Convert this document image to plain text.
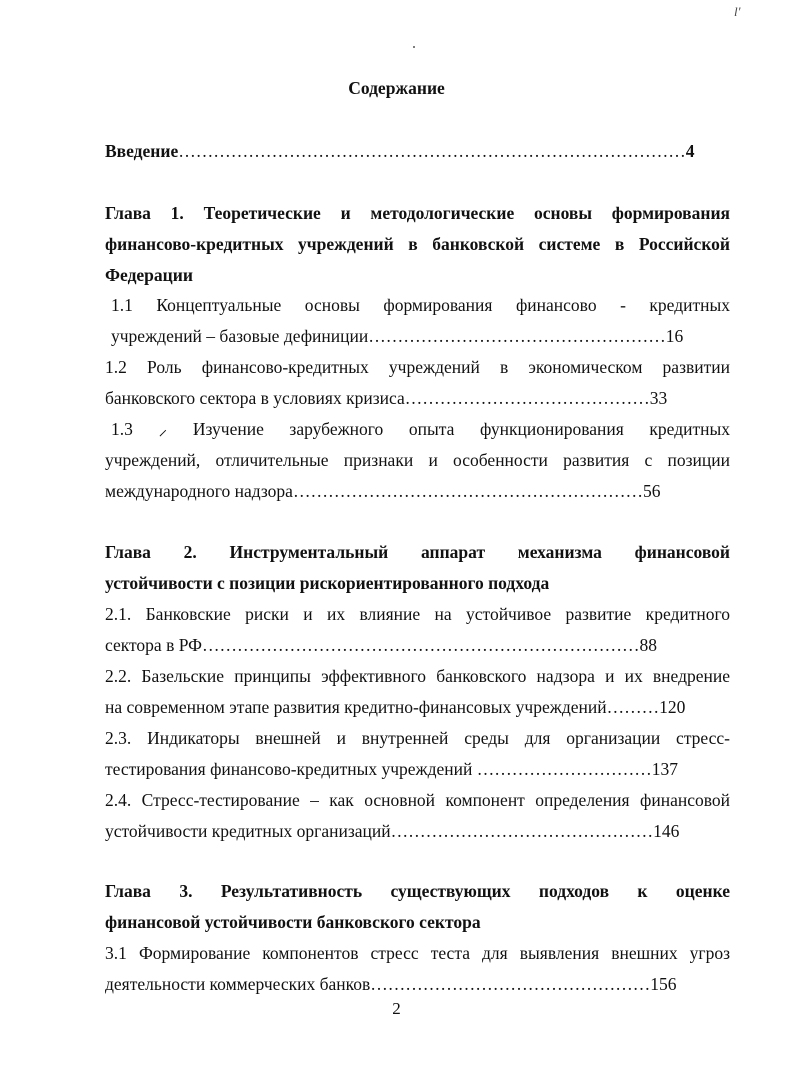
l'
Содержание
Введение……………………………………………………………………………4
Глава 1. Теоретические и методологические основы формирования
финансово-кредитных учреждений в банковской системе в Российской
Федерации
1.1 Концептуальные основы формирования финансово - кредитных
учреждений – базовые дефиниции……………………………………………16
1.2 Роль финансово-кредитных учреждений в экономическом развитии
банковского сектора в условиях кризиса……………………………………33
1.3 ⸝ Изучение зарубежного опыта функционирования кредитных
учреждений, отличительные признаки и особенности развития с позиции
международного надзора……………………………………………………56
Глава 2. Инструментальный аппарат механизма финансовой
устойчивости с позиции рискориентированного подхода
2.1. Банковские риски и их влияние на устойчивое развитие кредитного
сектора в РФ…………………………………………………………………88
2.2. Базельские принципы эффективного банковского надзора и их внедрение
на современном этапе развития кредитно-финансовых учреждений………120
2.3. Индикаторы внешней и внутренней среды для организации стресс-
тестирования финансово-кредитных учреждений …………………………137
2.4. Стресс-тестирование – как основной компонент определения финансовой
устойчивости кредитных организаций………………………………………146
Глава 3. Результативность существующих подходов к оценке
финансовой устойчивости банковского сектора
3.1 Формирование компонентов стресс теста для выявления внешних угроз
деятельности коммерческих банков…………………………………………156
2
